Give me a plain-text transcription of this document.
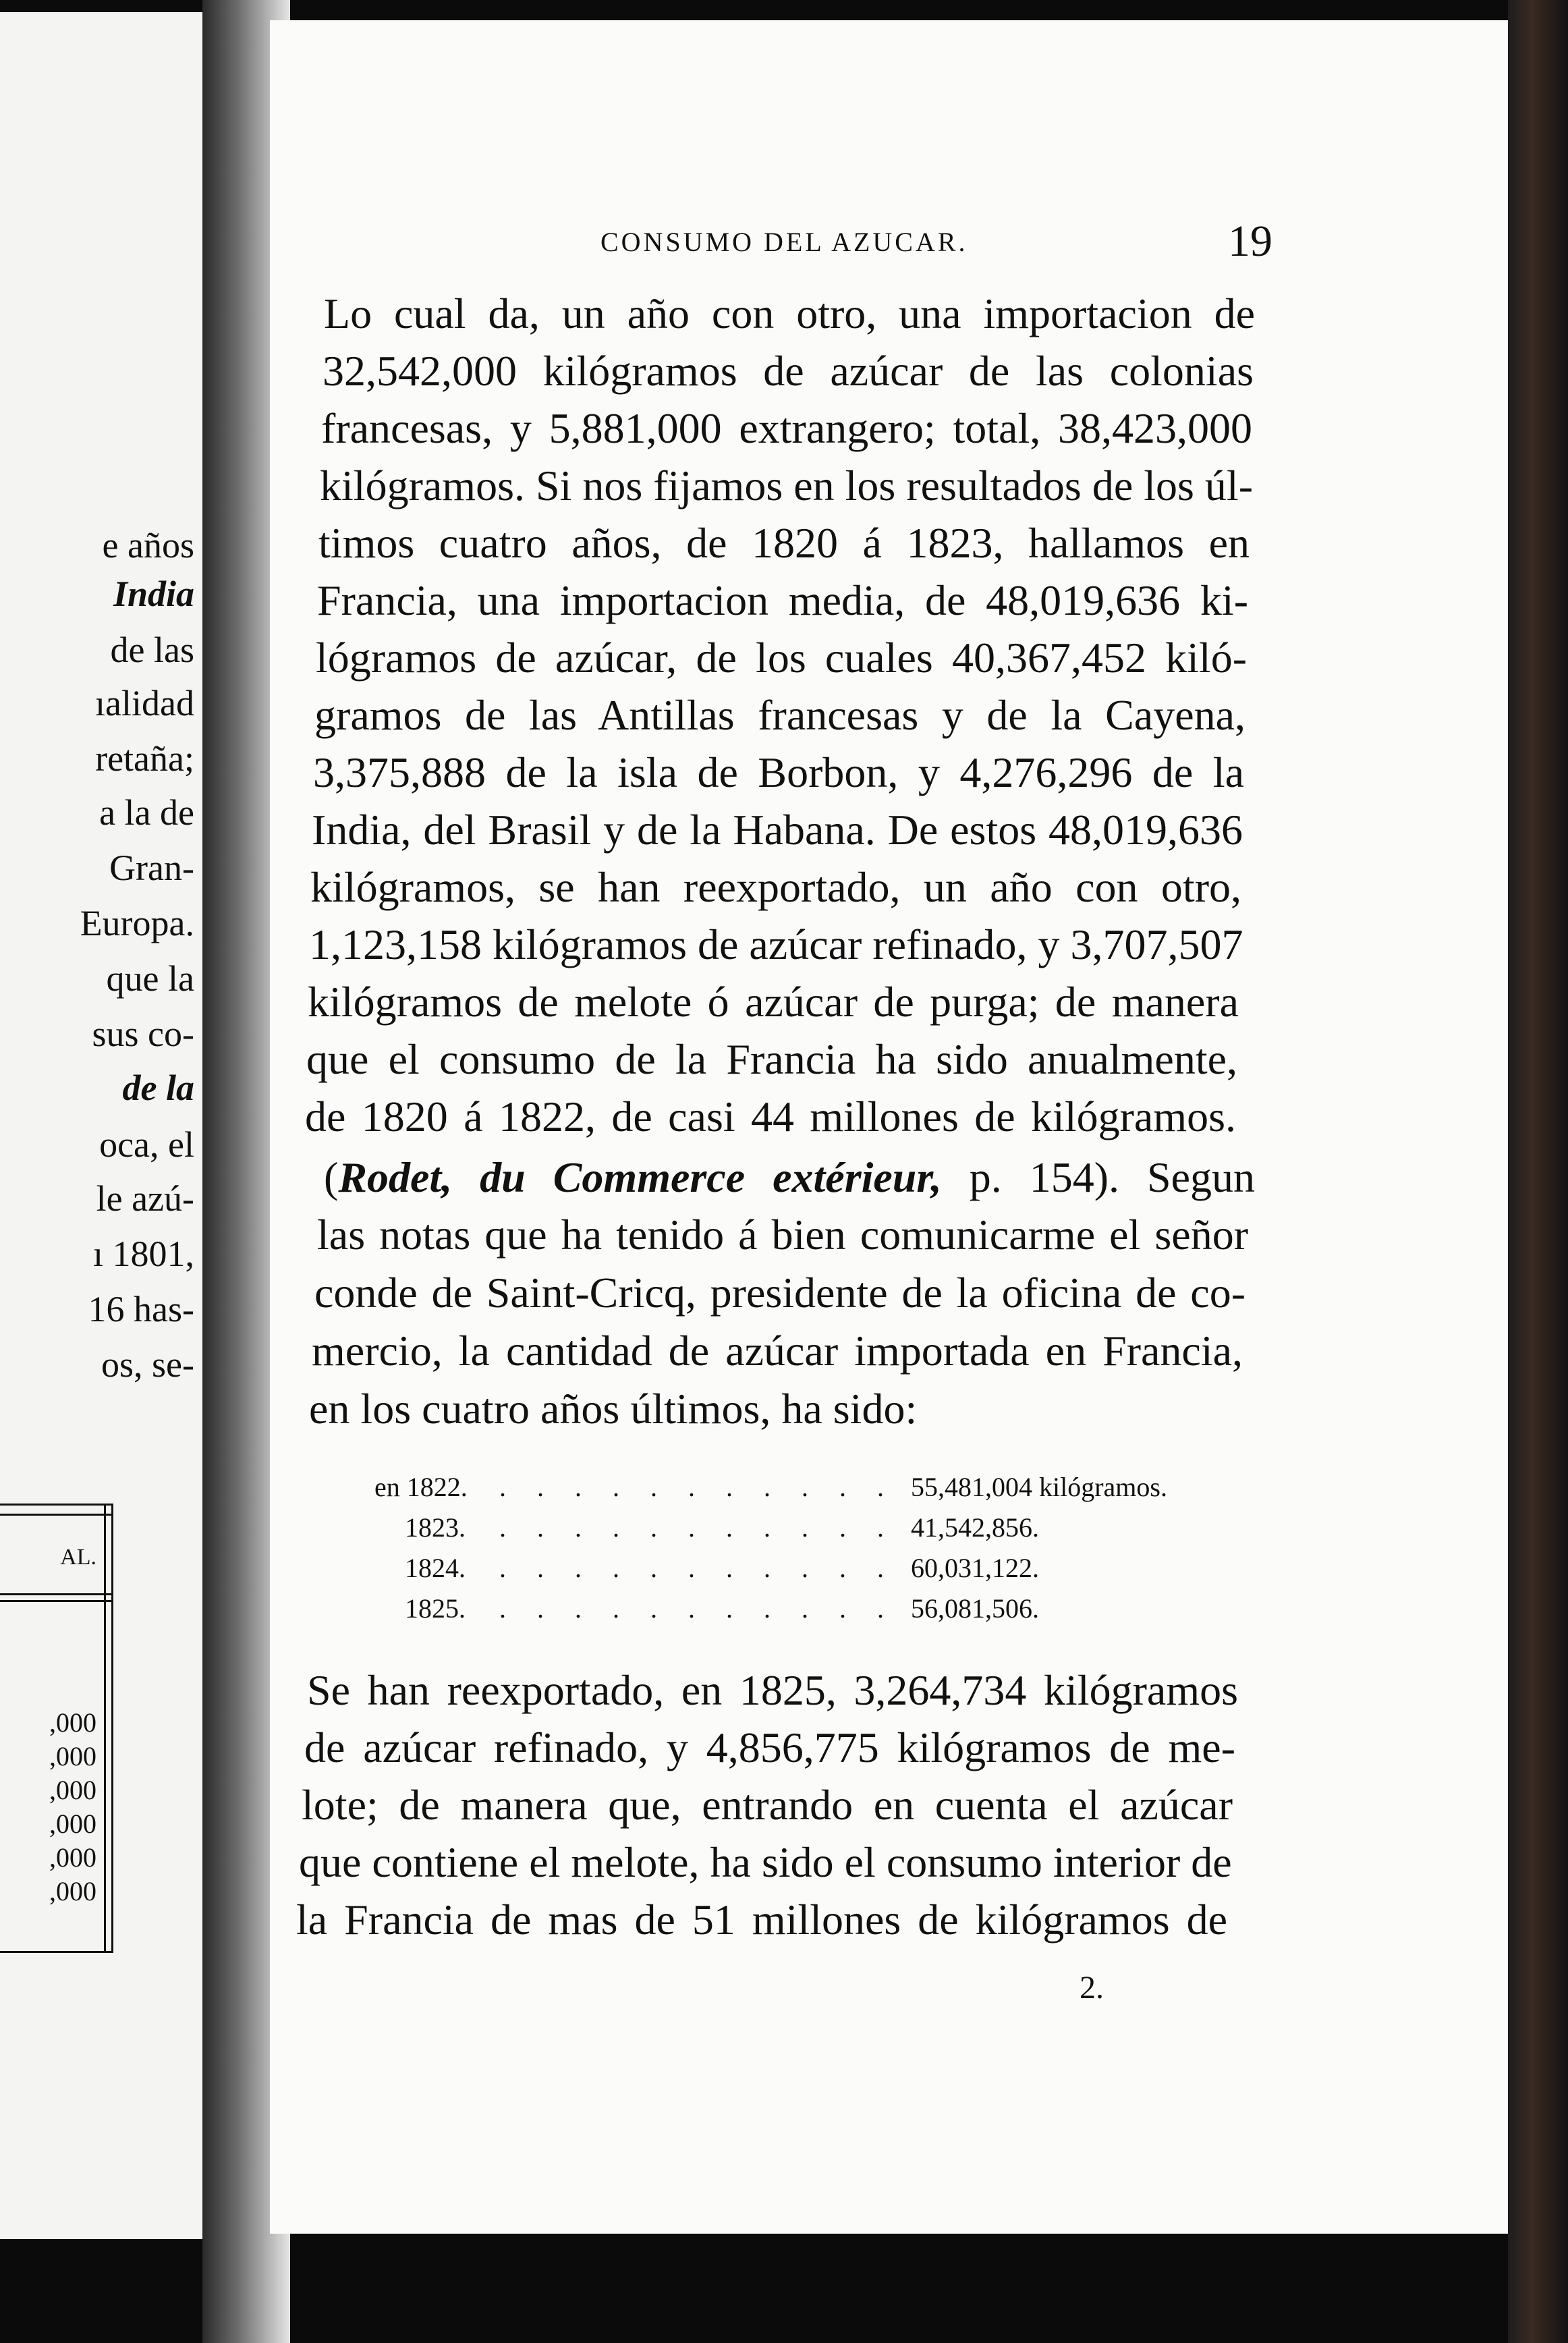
e años
India
de las
ıalidad
retaña;
a la de
Gran-
Europa.
que la
sus co-
de la
oca, el
le azú-
ı 1801,
16 has-
os, se-
AL.
,000
,000
,000
,000
,000
,000
CONSUMO DEL AZUCAR.	19
Lo cual da, un año con otro, una importacion de
32,542,000 kilógramos de azúcar de las colonias
francesas, y 5,881,000 extrangero; total, 38,423,000
kilógramos. Si nos fijamos en los resultados de los úl-
timos cuatro años, de 1820 á 1823, hallamos en
Francia, una importacion media, de 48,019,636 ki-
lógramos de azúcar, de los cuales 40,367,452 kiló-
gramos de las Antillas francesas y de la Cayena,
3,375,888 de la isla de Borbon, y 4,276,296 de la
India, del Brasil y de la Habana. De estos 48,019,636
kilógramos, se han reexportado, un año con otro,
1,123,158 kilógramos de azúcar refinado, y 3,707,507
kilógramos de melote ó azúcar de purga; de manera
que el consumo de la Francia ha sido anualmente,
de 1820 á 1822, de casi 44 millones de kilógramos.
(Rodet, du Commerce extérieur, p. 154). Segun
las notas que ha tenido á bien comunicarme el señor
conde de Saint-Cricq, presidente de la oficina de co-
mercio, la cantidad de azúcar importada en Francia,
en los cuatro años últimos, ha sido:
en 1822. . . . . . . . . . . . 55,481,004 kilógramos.
1823. . . . . . . . . . . . 41,542,856.
1824. . . . . . . . . . . . 60,031,122.
1825. . . . . . . . . . . . 56,081,506.
Se han reexportado, en 1825, 3,264,734 kilógramos
de azúcar refinado, y 4,856,775 kilógramos de me-
lote; de manera que, entrando en cuenta el azúcar
que contiene el melote, ha sido el consumo interior de
la Francia de mas de 51 millones de kilógramos de
2.
